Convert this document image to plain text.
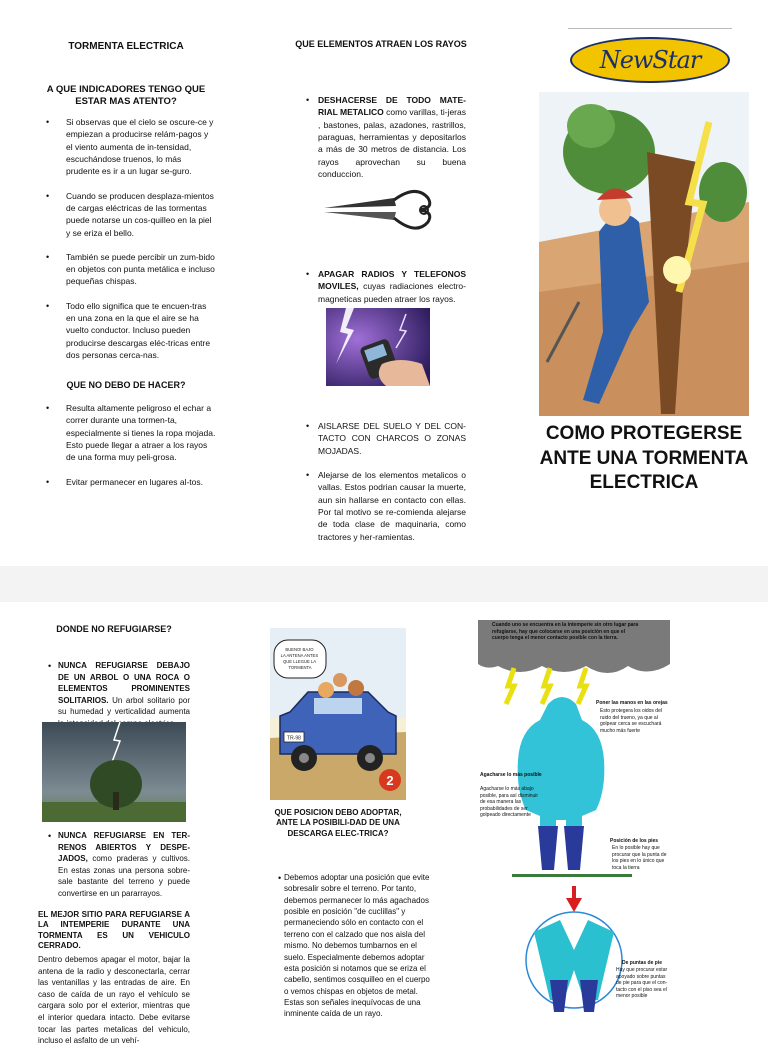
TORMENTA ELECTRICA
A QUE INDICADORES TENGO QUE ESTAR MAS ATENTO?
• Si observas que el cielo se oscure-ce y empiezan a producirse relám-pagos y el viento aumenta de in-tensidad, escuchándose truenos, lo más prudente es ir a un lugar se-guro.
• Cuando se producen desplaza-mientos de cargas eléctricas de las tormentas puede notarse un cos-quilleo en la piel y se eriza el bello.
• También se puede percibir un zum-bido en objetos con punta metálica e incluso pequeñas chispas.
• Todo ello significa que te encuen-tras en una zona en la que el aire se ha vuelto conductor. Incluso pueden producirse descargas eléc-tricas entre dos personas cerca-nas.
QUE NO DEBO DE HACER?
• Resulta altamente peligroso el echar a correr durante una tormen-ta, especialmente si tienes la ropa mojada. Esto puede llegar a atraer a los rayos de una forma muy peli-grosa.
• Evitar permanecer en lugares al-tos.
QUE ELEMENTOS ATRAEN LOS RAYOS
• DESHACERSE DE TODO MATE-RIAL METALICO como varillas, ti-jeras , bastones, palas, azadones, rastrillos, paraguas, herramientas y depositarlos a más de 30 metros de distancia. Los rayos aprovechan su buena conduccion.
• APAGAR RADIOS Y TELEFONOS MOVILES, cuyas radiaciones electro-magneticas pueden atraer los rayos.
• AISLARSE DEL SUELO Y DEL CON-TACTO CON CHARCOS O ZONAS MOJADAS.
• Alejarse de los elementos metalicos o vallas. Estos podrian causar la muerte, aun sin hallarse en contacto con ellas. Por tal motivo se re-comienda alejarse de toda clase de maquinaria, como tractores y her-ramientas.
NewStar
COMO PROTEGERSE ANTE UNA TORMENTA ELECTRICA
DONDE NO REFUGIARSE?
• NUNCA REFUGIARSE DEBAJO DE UN ARBOL O UNA ROCA O ELEMENTOS PROMINENTES SOLITARIOS. Un arbol solitario por su humedad y verticalidad aumenta
• NUNCA REFUGIARSE EN TER-RENOS ABIERTOS Y DESPE-JADOS, como praderas y cultivos. En estas zonas una persona sobre-sale bastante del terreno y puede convertirse en un pararrayos.
EL MEJOR SITIO PARA REFUGIARSE A LA INTEMPERIE DURANTE UNA TORMENTA ES UN VEHICULO CERRADO.
Dentro debemos apagar el motor, bajar la antena de la radio y desconectarla, cerrar las ventanillas y las entradas de aire. En caso de caída de un rayo el vehículo se cargara solo por el exterior, mientras que el interior quedara intacto. Debe evitarse tocar las partes metalicas del vehiculo, incluso el asfalto de un vehí-
BUENO! BAJO LA ANTENA ANTES QUE LLEGUE LA TORMENTA
TR-98
2
QUE POSICION DEBO ADOPTAR, ANTE LA POSIBILI-DAD DE UNA DESCARGA ELEC-TRICA?
• Debemos adoptar una posición que evite sobresalir sobre el terreno. Por tanto, debemos permanecer lo más agachados posible en posición "de cuclillas" y permaneciendo sólo en contacto con el terreno con el calzado que nos aisla del mismo. No debemos tumbarnos en el suelo. Especialmente debemos adoptar esta posición si notamos que se eriza el cabello, sentimos cosquilleo en el cuerpo o vemos chispas en objetos de metal. Estas son señales inequívocas de una inminente caída de un rayo.
Cuando uno se encuentra en la intemperie sin otro lugar para refugiarse, hay que colocarse en una posición en que el cuerpo tenga el menor contacto posible con la tierra.
Poner las manos en las orejas
Esto protegera los oidos del ruido del trueno, ya que al golpear cerca se escuchará mucho más fuerte
Agacharse lo más posible
Agacharse lo más abajo posible, para así disminuir de esa manera las probabilidades de ser golpeado directamente
Posición de los pies
En lo posible hay que procurar que la punta de los pies en lo único que toca la tierra
De puntas de pie
Hay que procurar estar apoyado sobre puntas de pie para que el con-tacto con el piso sea el menor posible
